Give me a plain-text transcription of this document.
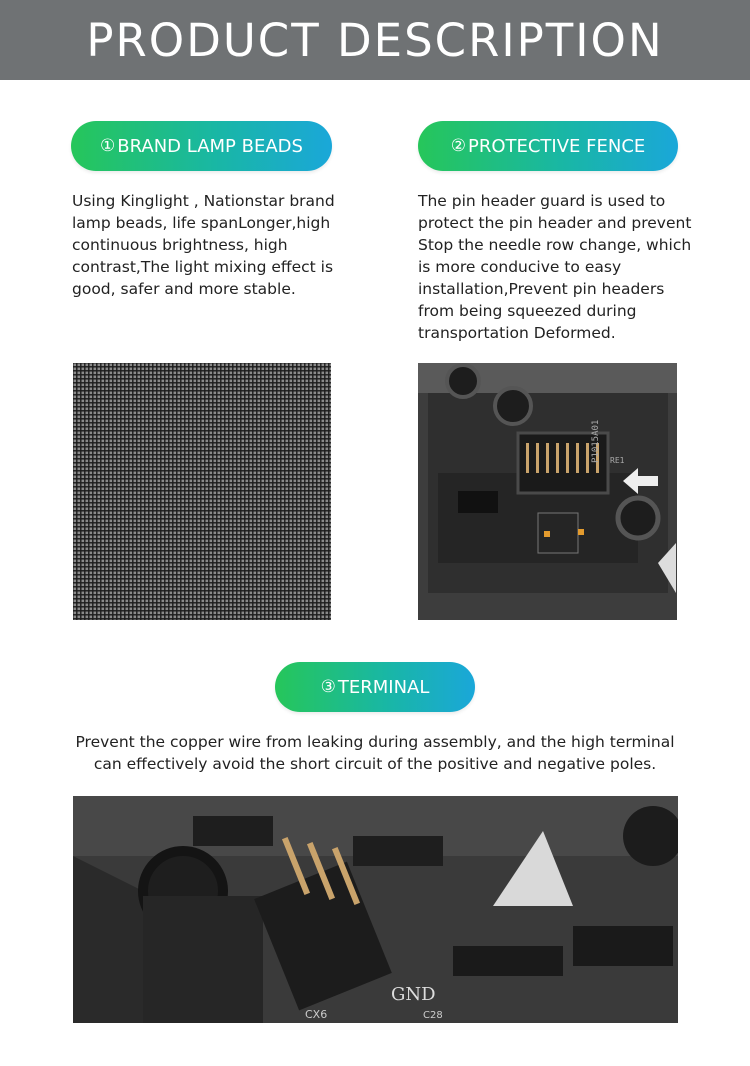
PRODUCT DESCRIPTION
① BRAND LAMP BEADS	② PROTECTIVE FENCE

Using Kinglight , Nationstar brand
lamp beads, life spanLonger,high
continuous brightness, high
contrast,The light mixing effect is
good, safer and more stable.

The pin header guard is used to
protect the pin header and prevent
Stop the needle row change, which
is more conducive to easy
installation,Prevent pin headers
from being squeezed during
transportation Deformed.

P1015A01 RE1
③ TERMINAL

Prevent the copper wire from leaking during assembly, and the high terminal
can effectively avoid the short circuit of the positive and negative poles.

GND
CX6	C28
